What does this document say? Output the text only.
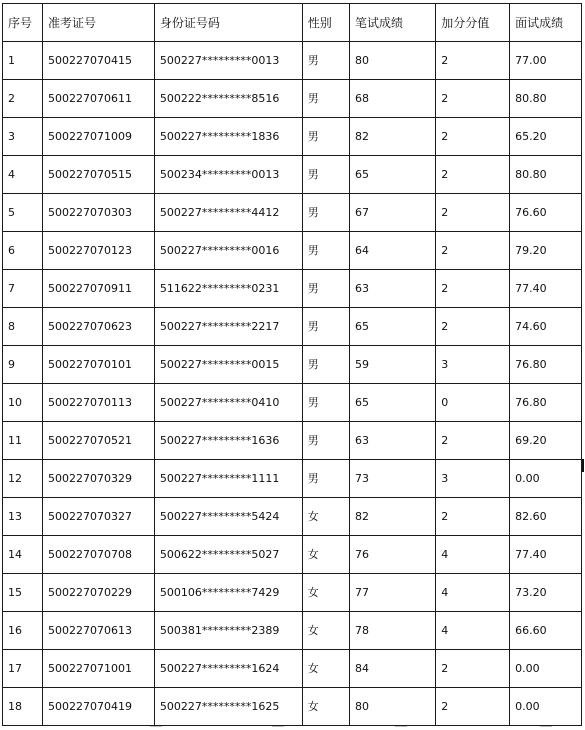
序号	准考证号	身份证号码	性别	笔试成绩	加分分值	面试成绩
1	500227070415	500227*********0013	男	80	2	77.00
2	500227070611	500222*********8516	男	68	2	80.80
3	500227071009	500227*********1836	男	82	2	65.20
4	500227070515	500234*********0013	男	65	2	80.80
5	500227070303	500227*********4412	男	67	2	76.60
6	500227070123	500227*********0016	男	64	2	79.20
7	500227070911	511622*********0231	男	63	2	77.40
8	500227070623	500227*********2217	男	65	2	74.60
9	500227070101	500227*********0015	男	59	3	76.80
10	500227070113	500227*********0410	男	65	0	76.80
11	500227070521	500227*********1636	男	63	2	69.20
12	500227070329	500227*********1111	男	73	3	0.00
13	500227070327	500227*********5424	女	82	2	82.60
14	500227070708	500622*********5027	女	76	4	77.40
15	500227070229	500106*********7429	女	77	4	73.20
16	500227070613	500381*********2389	女	78	4	66.60
17	500227071001	500227*********1624	女	84	2	0.00
18	500227070419	500227*********1625	女	80	2	0.00
